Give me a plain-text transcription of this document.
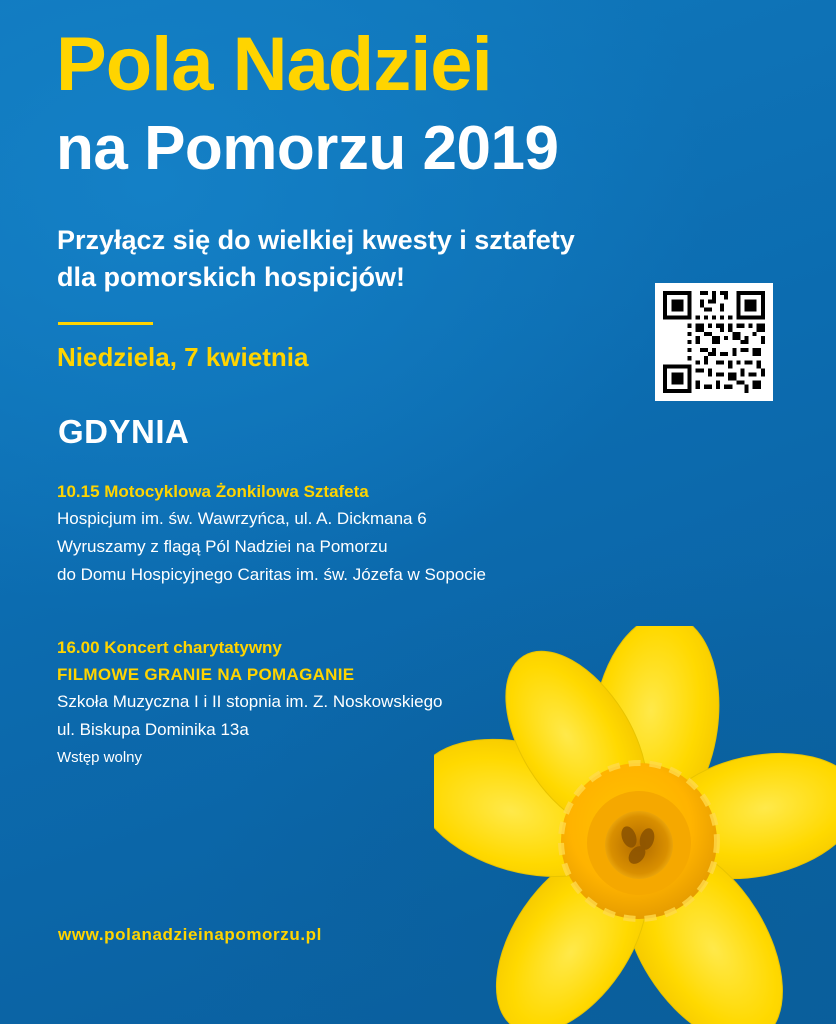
Pola Nadziei
na Pomorzu 2019
Przyłącz się do wielkiej kwesty i sztafety
dla pomorskich hospicjów!
Niedziela, 7 kwietnia
GDYNIA
10.15 Motocyklowa Żonkilowa Sztafeta
Hospicjum im. św. Wawrzyńca, ul. A. Dickmana 6
Wyruszamy z flagą Pól Nadziei na Pomorzu
do Domu Hospicyjnego Caritas im. św. Józefa w Sopocie
16.00 Koncert charytatywny
FILMOWE GRANIE NA POMAGANIE
Szkoła Muzyczna I i II stopnia im. Z. Noskowskiego
ul. Biskupa Dominika 13a
Wstęp wolny
www.polanadzieinapomorzu.pl
